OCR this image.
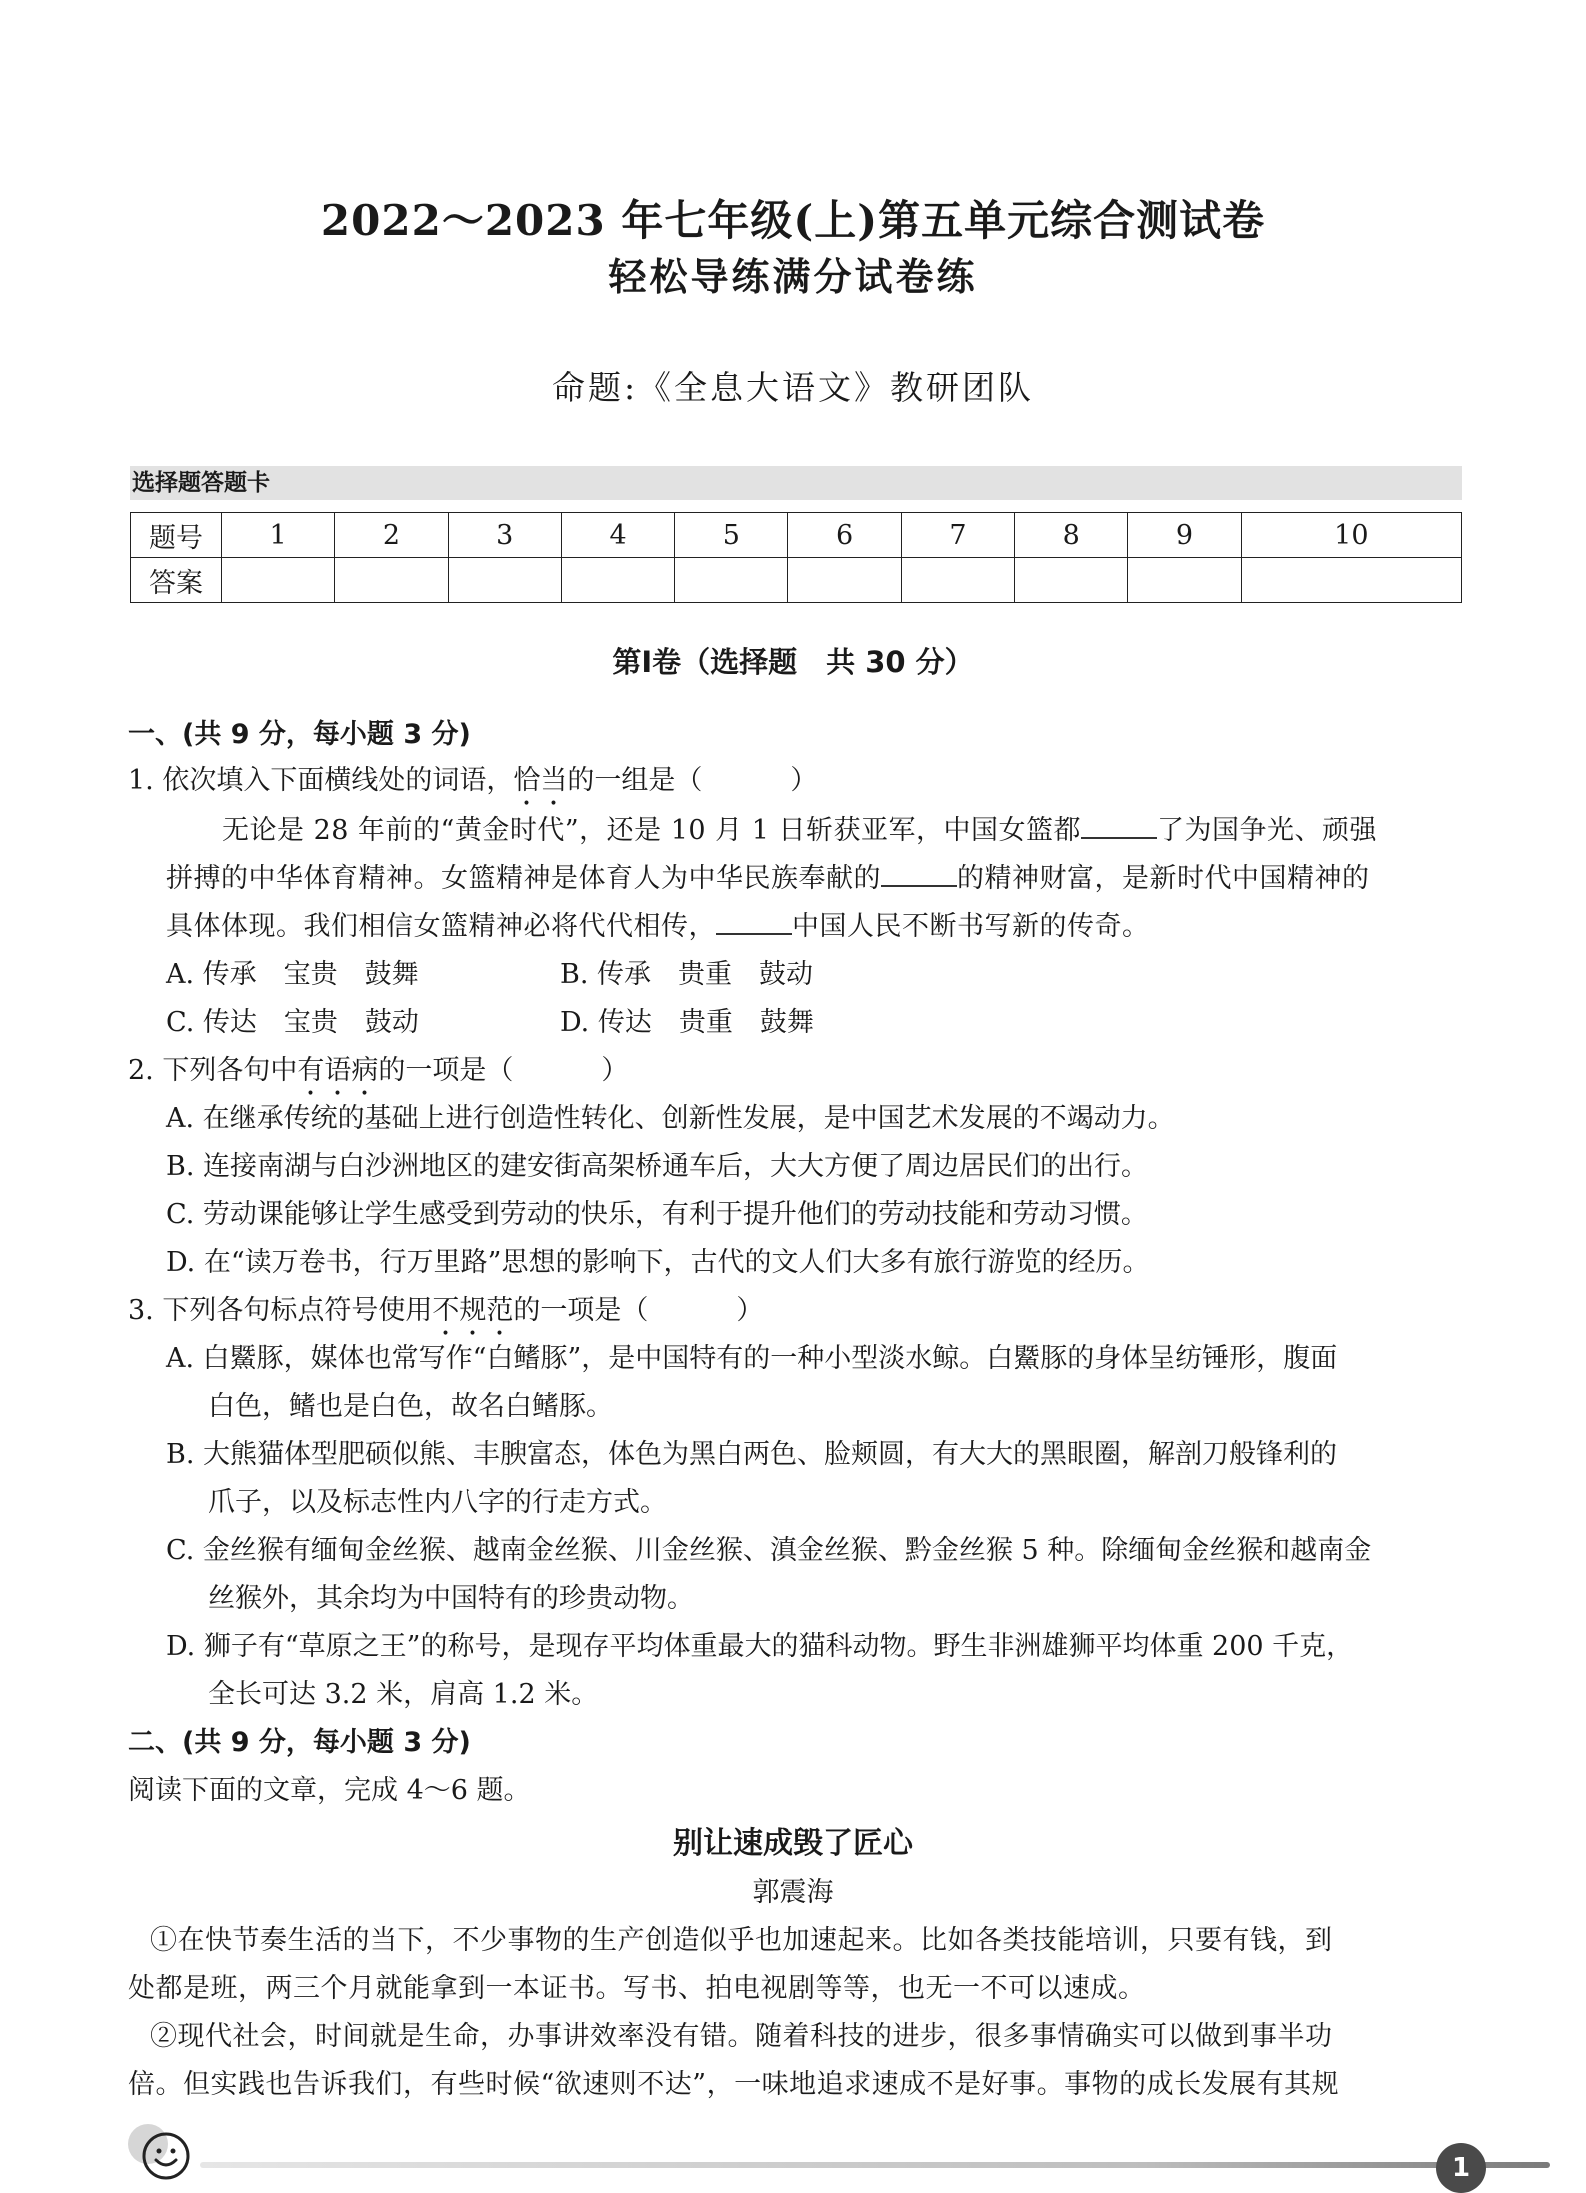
2022～2023 年七年级(上)第五单元综合测试卷
轻松导练满分试卷练
命题:《全息大语文》教研团队
选择题答题卡
题号	1	2	3	4	5	6	7	8	9	10
答案										
第Ⅰ卷（选择题　共 30 分）
一、(共 9 分，每小题 3 分)
1. 依次填入下面横线处的词语，恰当的一组是（	）
无论是 28 年前的“黄金时代”，还是 10 月 1 日斩获亚军，中国女篮都	了为国争光、顽强
拼搏的中华体育精神。女篮精神是体育人为中华民族奉献的	的精神财富，是新时代中国精神的
具体体现。我们相信女篮精神必将代代相传，	中国人民不断书写新的传奇。
A. 传承　宝贵　鼓舞	B. 传承　贵重　鼓动
C. 传达　宝贵　鼓动	D. 传达　贵重　鼓舞
2. 下列各句中有语病的一项是（	）
A. 在继承传统的基础上进行创造性转化、创新性发展，是中国艺术发展的不竭动力。
B. 连接南湖与白沙洲地区的建安街高架桥通车后，大大方便了周边居民们的出行。
C. 劳动课能够让学生感受到劳动的快乐，有利于提升他们的劳动技能和劳动习惯。
D. 在“读万卷书，行万里路”思想的影响下，古代的文人们大多有旅行游览的经历。
3. 下列各句标点符号使用不规范的一项是（	）
A. 白鱀豚，媒体也常写作“白鳍豚”，是中国特有的一种小型淡水鲸。白鱀豚的身体呈纺锤形，腹面
白色，鳍也是白色，故名白鳍豚。
B. 大熊猫体型肥硕似熊、丰腴富态，体色为黑白两色、脸颊圆，有大大的黑眼圈，解剖刀般锋利的
爪子，以及标志性内八字的行走方式。
C. 金丝猴有缅甸金丝猴、越南金丝猴、川金丝猴、滇金丝猴、黔金丝猴 5 种。除缅甸金丝猴和越南金
丝猴外，其余均为中国特有的珍贵动物。
D. 狮子有“草原之王”的称号，是现存平均体重最大的猫科动物。野生非洲雄狮平均体重 200 千克，
全长可达 3.2 米，肩高 1.2 米。
二、(共 9 分，每小题 3 分)
阅读下面的文章，完成 4～6 题。
别让速成毁了匠心
郭震海
①在快节奏生活的当下，不少事物的生产创造似乎也加速起来。比如各类技能培训，只要有钱，到
处都是班，两三个月就能拿到一本证书。写书、拍电视剧等等，也无一不可以速成。
②现代社会，时间就是生命，办事讲效率没有错。随着科技的进步，很多事情确实可以做到事半功
倍。但实践也告诉我们，有些时候“欲速则不达”，一味地追求速成不是好事。事物的成长发展有其规
1
